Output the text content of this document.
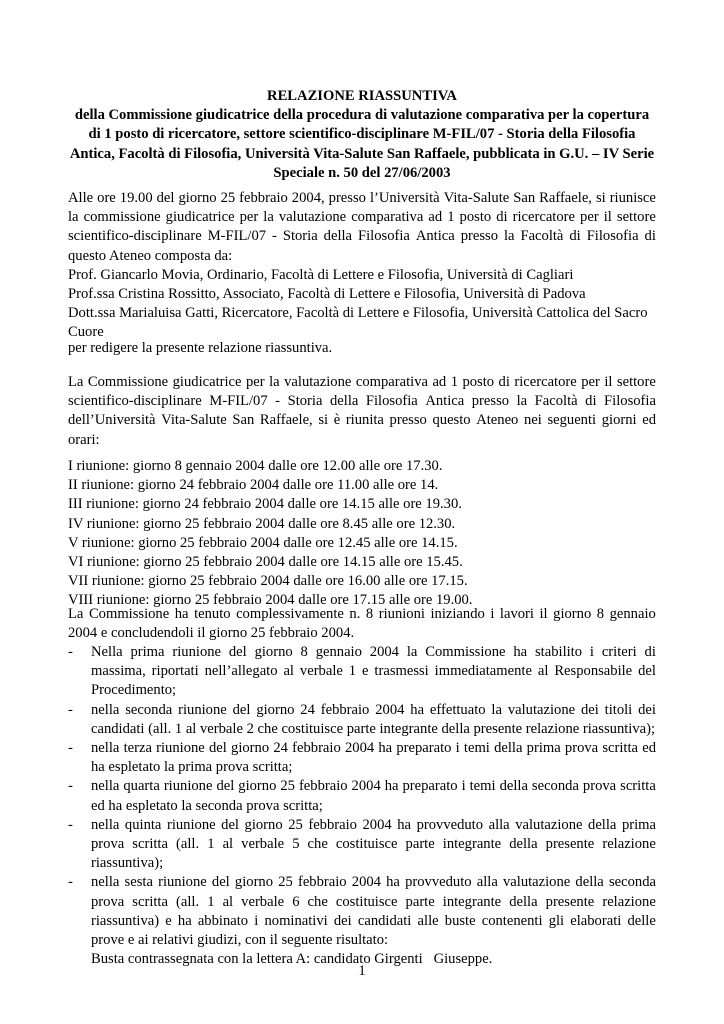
RELAZIONE RIASSUNTIVA
della Commissione giudicatrice della procedura di valutazione comparativa per la copertura
di 1 posto di ricercatore, settore scientifico-disciplinare M-FIL/07 - Storia della Filosofia
Antica, Facoltà di Filosofia, Università Vita-Salute San Raffaele, pubblicata in G.U. – IV Serie
Speciale n. 50 del 27/06/2003
Alle ore 19.00 del giorno 25 febbraio 2004, presso l’Università Vita-Salute San Raffaele, si riunisce
la commissione giudicatrice per la valutazione comparativa ad 1 posto di ricercatore per il settore
scientifico-disciplinare M-FIL/07 - Storia della Filosofia Antica presso la Facoltà di Filosofia di
questo Ateneo composta da:
Prof. Giancarlo Movia, Ordinario, Facoltà di Lettere e Filosofia, Università di Cagliari
Prof.ssa Cristina Rossitto, Associato, Facoltà di Lettere e Filosofia, Università di Padova
Dott.ssa Marialuisa Gatti, Ricercatore, Facoltà di Lettere e Filosofia, Università Cattolica del Sacro
Cuore
per redigere la presente relazione riassuntiva.
La Commissione giudicatrice per la valutazione comparativa ad 1 posto di ricercatore per il settore
scientifico-disciplinare M-FIL/07 - Storia della Filosofia Antica presso la Facoltà di Filosofia
dell’Università Vita-Salute San Raffaele, si è riunita presso questo Ateneo nei seguenti giorni ed
orari:
I riunione: giorno 8 gennaio 2004 dalle ore 12.00 alle ore 17.30.
II riunione: giorno 24 febbraio 2004 dalle ore 11.00 alle ore 14.
III riunione: giorno 24 febbraio 2004 dalle ore 14.15 alle ore 19.30.
IV riunione: giorno 25 febbraio 2004 dalle ore 8.45 alle ore 12.30.
V riunione: giorno 25 febbraio 2004 dalle ore 12.45 alle ore 14.15.
VI riunione: giorno 25 febbraio 2004 dalle ore 14.15 alle ore 15.45.
VII riunione: giorno 25 febbraio 2004 dalle ore 16.00 alle ore 17.15.
VIII riunione: giorno 25 febbraio 2004 dalle ore 17.15 alle ore 19.00.
La Commissione ha tenuto complessivamente n. 8 riunioni iniziando i lavori il giorno 8 gennaio
2004 e concludendoli il giorno 25 febbraio 2004.
- Nella prima riunione del giorno 8 gennaio 2004 la Commissione ha stabilito i criteri di
massima, riportati nell’allegato al verbale 1 e trasmessi immediatamente al Responsabile del
Procedimento;
- nella seconda riunione del giorno 24 febbraio 2004 ha effettuato la valutazione dei titoli dei
candidati (all. 1 al verbale 2 che costituisce parte integrante della presente relazione riassuntiva);
- nella terza riunione del giorno 24 febbraio 2004 ha preparato i temi della prima prova scritta ed
ha espletato la prima prova scritta;
- nella quarta riunione del giorno 25 febbraio 2004 ha preparato i temi della seconda prova scritta
ed ha espletato la seconda prova scritta;
- nella quinta riunione del giorno 25 febbraio 2004 ha provveduto alla valutazione della prima
prova scritta (all. 1 al verbale 5 che costituisce parte integrante della presente relazione
riassuntiva);
- nella sesta riunione del giorno 25 febbraio 2004 ha provveduto alla valutazione della seconda
prova scritta (all. 1 al verbale 6 che costituisce parte integrante della presente relazione
riassuntiva) e ha abbinato i nominativi dei candidati alle buste contenenti gli elaborati delle
prove e ai relativi giudizi, con il seguente risultato:
Busta contrassegnata con la lettera A: candidato Girgenti   Giuseppe.
1
